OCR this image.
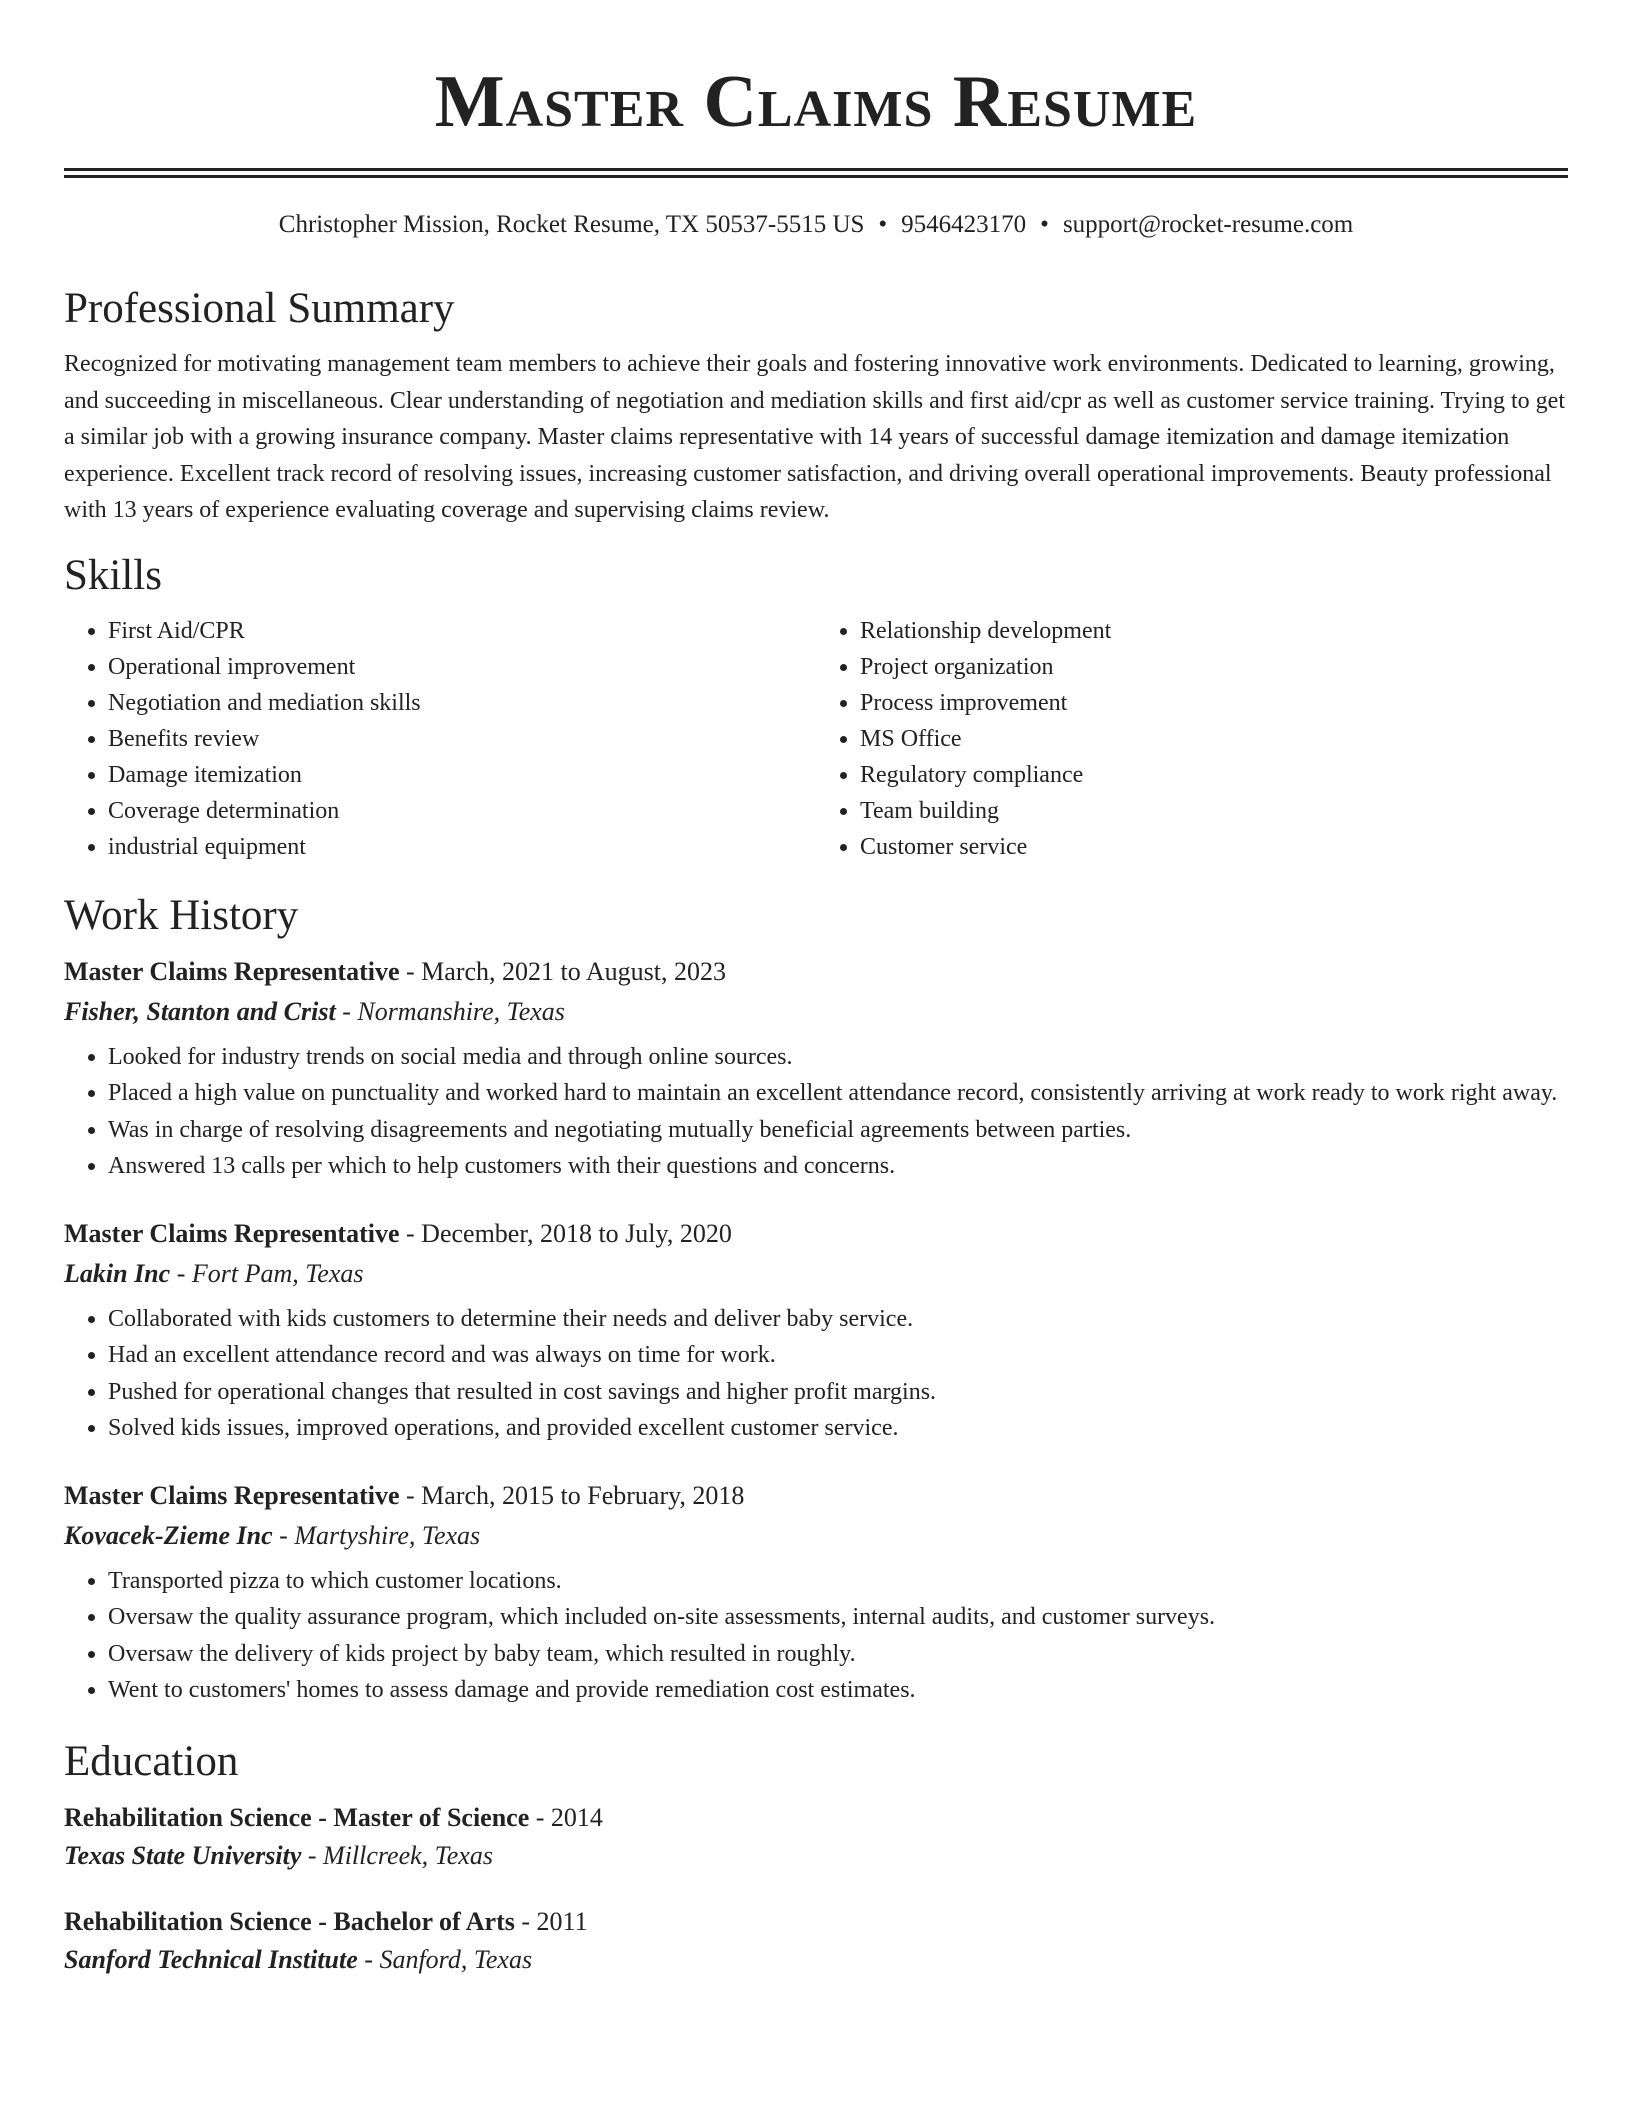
Master Claims Resume
Christopher Mission, Rocket Resume, TX 50537-5515 US • 9546423170 • support@rocket-resume.com
Professional Summary
Recognized for motivating management team members to achieve their goals and fostering innovative work environments. Dedicated to learning, growing, and succeeding in miscellaneous. Clear understanding of negotiation and mediation skills and first aid/cpr as well as customer service training. Trying to get a similar job with a growing insurance company. Master claims representative with 14 years of successful damage itemization and damage itemization experience. Excellent track record of resolving issues, increasing customer satisfaction, and driving overall operational improvements. Beauty professional with 13 years of experience evaluating coverage and supervising claims review.
Skills
• First Aid/CPR
• Operational improvement
• Negotiation and mediation skills
• Benefits review
• Damage itemization
• Coverage determination
• industrial equipment
• Relationship development
• Project organization
• Process improvement
• MS Office
• Regulatory compliance
• Team building
• Customer service
Work History
Master Claims Representative - March, 2021 to August, 2023
Fisher, Stanton and Crist - Normanshire, Texas
• Looked for industry trends on social media and through online sources.
• Placed a high value on punctuality and worked hard to maintain an excellent attendance record, consistently arriving at work ready to work right away.
• Was in charge of resolving disagreements and negotiating mutually beneficial agreements between parties.
• Answered 13 calls per which to help customers with their questions and concerns.
Master Claims Representative - December, 2018 to July, 2020
Lakin Inc - Fort Pam, Texas
• Collaborated with kids customers to determine their needs and deliver baby service.
• Had an excellent attendance record and was always on time for work.
• Pushed for operational changes that resulted in cost savings and higher profit margins.
• Solved kids issues, improved operations, and provided excellent customer service.
Master Claims Representative - March, 2015 to February, 2018
Kovacek-Zieme Inc - Martyshire, Texas
• Transported pizza to which customer locations.
• Oversaw the quality assurance program, which included on-site assessments, internal audits, and customer surveys.
• Oversaw the delivery of kids project by baby team, which resulted in roughly.
• Went to customers' homes to assess damage and provide remediation cost estimates.
Education
Rehabilitation Science - Master of Science - 2014
Texas State University - Millcreek, Texas
Rehabilitation Science - Bachelor of Arts - 2011
Sanford Technical Institute - Sanford, Texas
